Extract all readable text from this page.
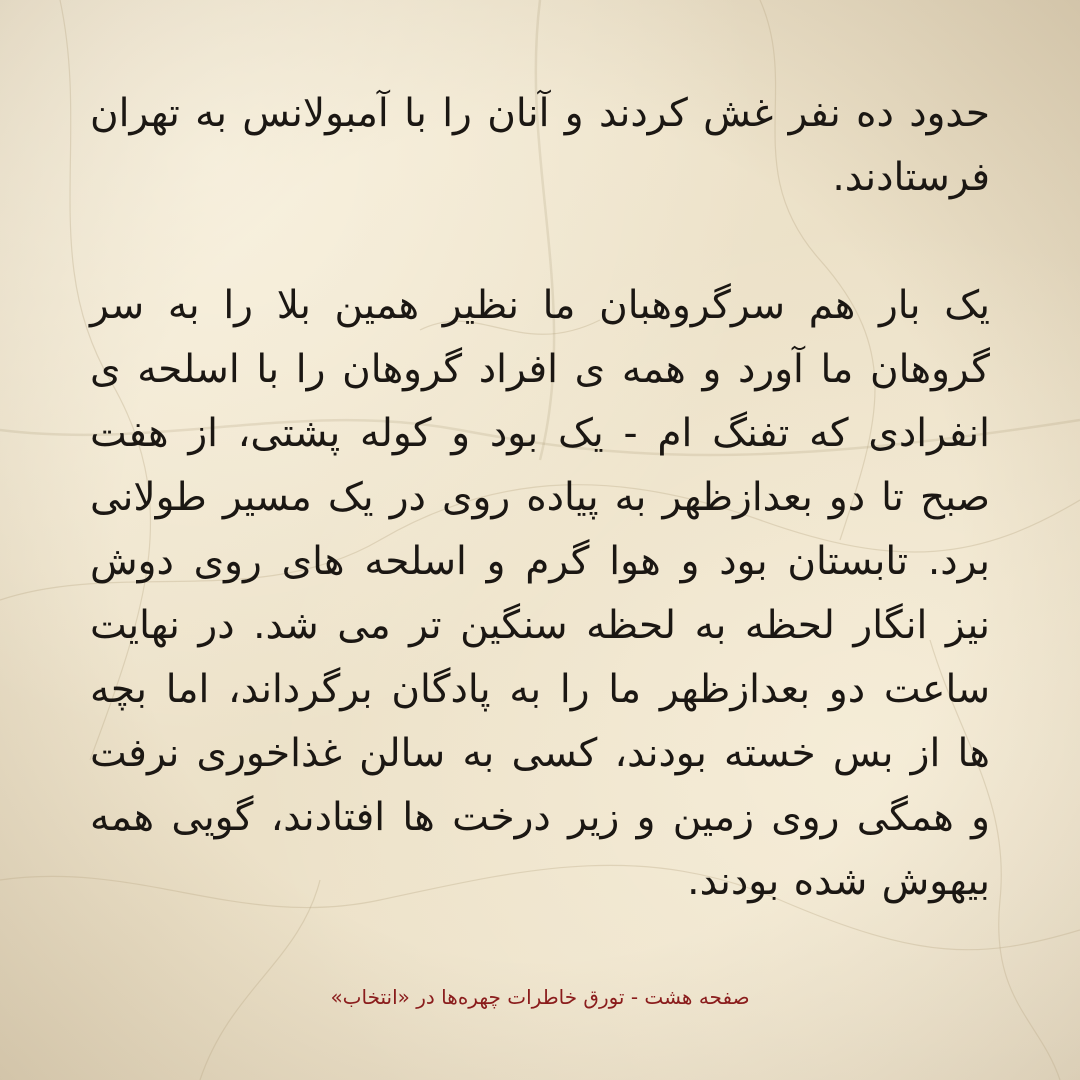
حدود ده نفر غش کردند و آنان را با آمبولانس به تهران فرستادند.

یک بار هم سرگروهبان ما نظیر همین بلا را به سر گروهان ما آورد و همه ی افراد گروهان را با اسلحه ی انفرادی که تفنگ ام - یک بود و کوله پشتی، از هفت صبح تا دو بعدازظهر به پیاده روی در یک مسیر طولانی برد. تابستان بود و هوا گرم و اسلحه های روی دوش نیز انگار لحظه به لحظه سنگین تر می شد. در نهایت ساعت دو بعدازظهر ما را به پادگان برگرداند، اما بچه ها از بس خسته بودند، کسی به سالن غذاخوری نرفت و همگی روی زمین و زیر درخت ها افتادند، گویی همه بیهوش شده بودند.

صفحه هشت - تورق خاطرات چهره‌ها در «انتخاب»
